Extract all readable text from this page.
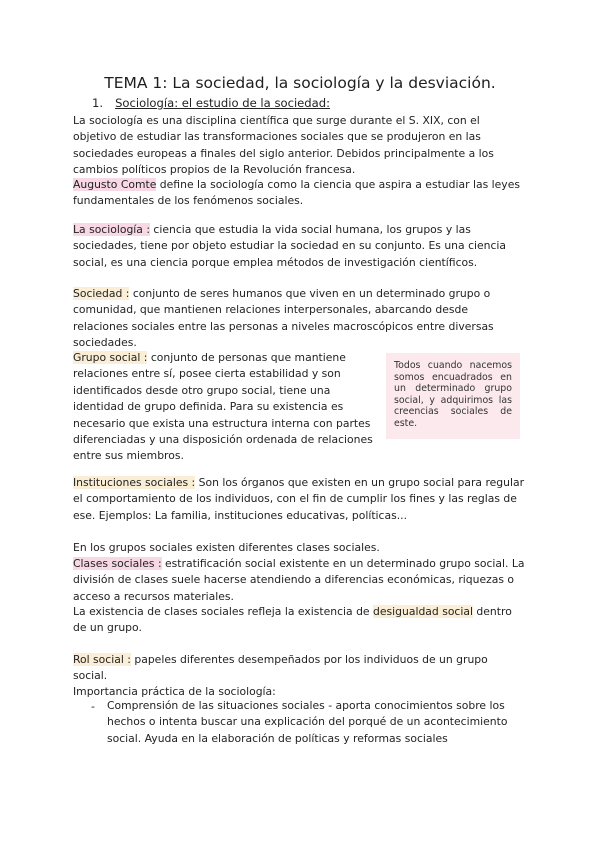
TEMA 1: La sociedad, la sociología y la desviación.
1. Sociología: el estudio de la sociedad:

La sociología es una disciplina científica que surge durante el S. XIX, con el objetivo de estudiar las transformaciones sociales que se produjeron en las sociedades europeas a finales del siglo anterior. Debidos principalmente a los cambios políticos propios de la Revolución francesa.

Augusto Comte define la sociología como la ciencia que aspira a estudiar las leyes fundamentales de los fenómenos sociales.

La sociología : ciencia que estudia la vida social humana, los grupos y las sociedades, tiene por objeto estudiar la sociedad en su conjunto. Es una ciencia social, es una ciencia porque emplea métodos de investigación científicos.

Sociedad : conjunto de seres humanos que viven en un determinado grupo o comunidad, que mantienen relaciones interpersonales, abarcando desde relaciones sociales entre las personas a niveles macroscópicos entre diversas sociedades.

Grupo social : conjunto de personas que mantiene relaciones entre sí, posee cierta estabilidad y son identificados desde otro grupo social, tiene una identidad de grupo definida. Para su existencia es necesario que exista una estructura interna con partes diferenciadas y una disposición ordenada de relaciones entre sus miembros.

Todos cuando nacemos somos encuadrados en un determinado grupo social, y adquirimos las creencias sociales de este.

Instituciones sociales : Son los órganos que existen en un grupo social para regular el comportamiento de los individuos, con el fin de cumplir los fines y las reglas de ese. Ejemplos: La familia, instituciones educativas, políticas...

En los grupos sociales existen diferentes clases sociales.

Clases sociales : estratificación social existente en un determinado grupo social. La división de clases suele hacerse atendiendo a diferencias económicas, riquezas o acceso a recursos materiales.

La existencia de clases sociales refleja la existencia de desigualdad social dentro de un grupo.

Rol social : papeles diferentes desempeñados por los individuos de un grupo social.

Importancia práctica de la sociología:

- Comprensión de las situaciones sociales - aporta conocimientos sobre los hechos o intenta buscar una explicación del porqué de un acontecimiento social. Ayuda en la elaboración de políticas y reformas sociales
